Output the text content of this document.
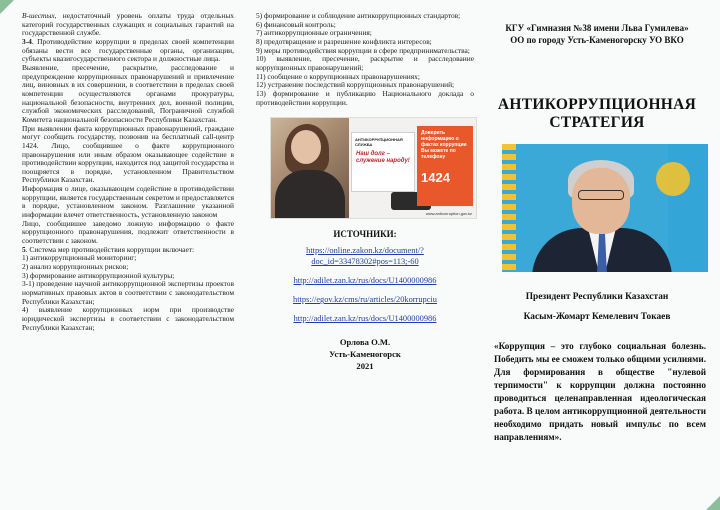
В-шестых, недостаточный уровень оплаты труда отдельных категорий государственных служащих и социальных гарантий на государственной службе.

3-4. Противодействие коррупции в пределах своей компетенции обязаны вести все государственные органы, организации, субъекты квазигосударственного сектора и должностные лица.

Выявление, пресечение, раскрытие, расследование и предупреждение коррупционных правонарушений и привлечение лиц, виновных в их совершении, в соответствии в пределах своей компетенции осуществляются органами прокуратуры, национальной безопасности, внутренних дел, военной полиции, службой экономических расследований, Пограничной службой Комитета национальной безопасности Республики Казахстан.

При выявлении факта коррупционных правонарушений, граждане могут сообщить государству, позвонив на бесплатный call-центр 1424. Лицо, сообщившее о факте коррупционного правонарушения или иным образом оказывающее содействие в противодействии коррупции, находится под защитой государства и поощряется в порядке, установленном Правительством Республики Казахстан.

Информация о лице, оказывающем содействие в противодействии коррупции, является государственным секретом и предоставляется в порядке, установленном законом. Разглашение указанной информации влечет ответственность, установленную законом

Лицо, сообщившее заведомо ложную информацию о факте коррупционного правонарушения, подлежит ответственности в соответствии с законом.

5. Система мер противодействия коррупции включает:

1) антикоррупционный мониторинг;

2) анализ коррупционных рисков;

3) формирование антикоррупционной культуры;

3-1) проведение научной антикоррупционной экспертизы проектов нормативных правовых актов в соответствии с законодательством Республики Казахстан;

4) выявление коррупционных норм при производстве юридической экспертизы в соответствии с законодательством Республики Казахстан;

5) формирование и соблюдение антикоррупционных стандартов;

6) финансовый контроль;

7) антикоррупционные ограничения;

8) предотвращение и разрешение конфликта интересов;

9) меры противодействия коррупции в сфере предпринимательства;

10) выявление, пресечение, раскрытие и расследование коррупционных правонарушений;

11) сообщение о коррупционных правонарушениях;

12) устранение последствий коррупционных правонарушений;

13) формирование и публикацию Национального доклада о противодействии коррупции.

АНТИКОРРУПЦИОННАЯ СЛУЖБА
Наш долг – служение народу!
Доверить информацию о фактах коррупции Вы можете по телефону
1424
www.anticorruption.gov.kz
ИСТОЧНИКИ:
https://online.zakon.kz/document/?doc_id=33478302#pos=113;-60
http://adilet.zan.kz/rus/docs/U1400000986
https://egov.kz/cms/ru/articles/20korrupciu
http://adilet.zan.kz/rus/docs/U1400000986
Орлова О.М.
Усть-Каменогорск
2021

КГУ «Гимназия №38 имени Льва Гумилева»

ОО по городу Усть-Каменогорску УО ВКО

АНТИКОРРУПЦИОННАЯ
СТРАТЕГИЯ

Президент Республики Казахстан

Касым-Жомарт Кемелевич Токаев

«Коррупция – это глубоко социальная болезнь. Победить мы ее сможем только общими усилиями. Для формирования в обществе "нулевой терпимости" к коррупции должна постоянно проводиться целенаправленная идеологическая работа. В целом антикоррупционной деятельности необходимо придать новый импульс по всем направлениям».
